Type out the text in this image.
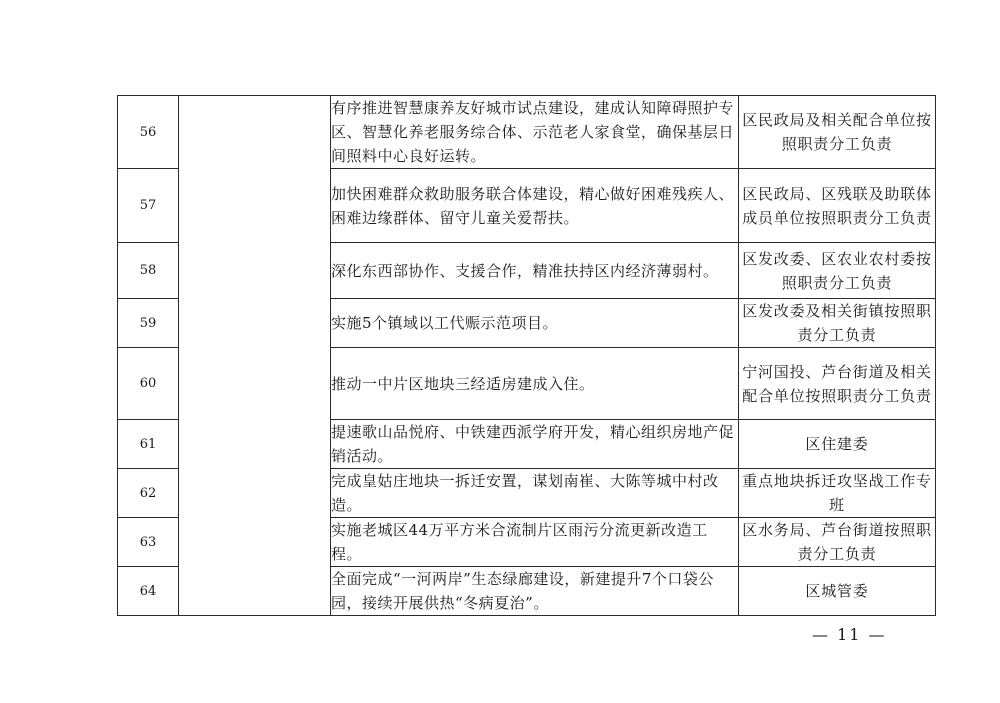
56		有序推进智慧康养友好城市试点建设，建成认知障碍照护专区、智慧化养老服务综合体、示范老人家食堂，确保基层日间照料中心良好运转。	区民政局及相关配合单位按照职责分工负责
57		加快困难群众救助服务联合体建设，精心做好困难残疾人、困难边缘群体、留守儿童关爱帮扶。	区民政局、区残联及助联体成员单位按照职责分工负责
58		深化东西部协作、支援合作，精准扶持区内经济薄弱村。	区发改委、区农业农村委按照职责分工负责
59		实施5个镇域以工代赈示范项目。	区发改委及相关街镇按照职责分工负责
60		推动一中片区地块三经适房建成入住。	宁河国投、芦台街道及相关配合单位按照职责分工负责
61		提速歌山品悦府、中铁建西派学府开发，精心组织房地产促销活动。	区住建委
62		完成皇姑庄地块一拆迁安置，谋划南崔、大陈等城中村改造。	重点地块拆迁攻坚战工作专班
63		实施老城区44万平方米合流制片区雨污分流更新改造工程。	区水务局、芦台街道按照职责分工负责
64		全面完成“一河两岸”生态绿廊建设，新建提升7个口袋公园，接续开展供热“冬病夏治”。	区城管委
— 11 —
